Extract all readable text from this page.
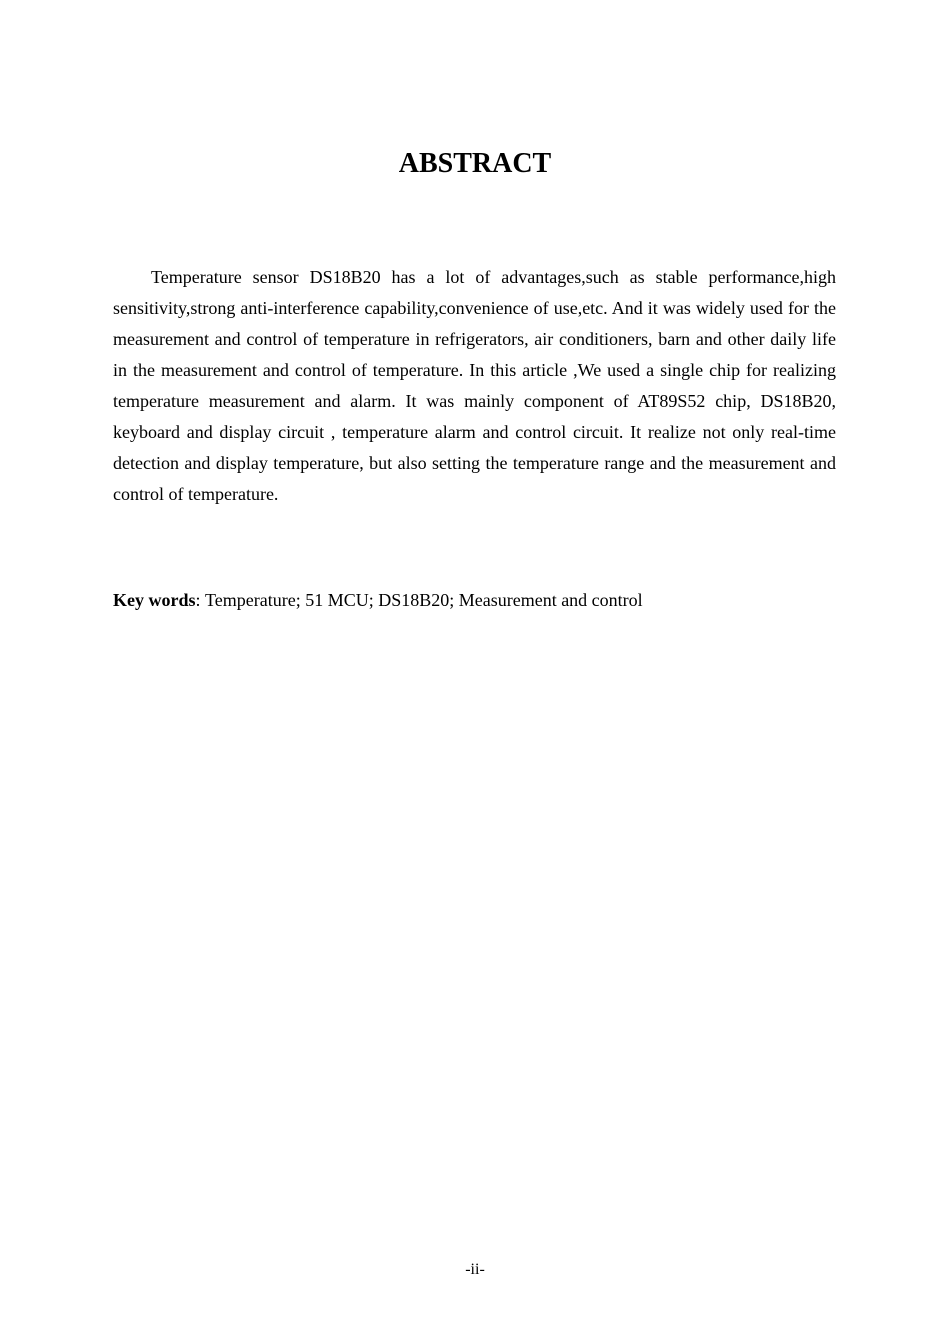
ABSTRACT

Temperature sensor DS18B20 has a lot of advantages,such as stable performance,high sensitivity,strong anti-interference capability,convenience of use,etc. And it was widely used for the measurement and control of temperature in refrigerators, air conditioners, barn and other daily life in the measurement and control of temperature. In this article ,We used a single chip for realizing temperature measurement and alarm. It was mainly component of AT89S52 chip, DS18B20, keyboard and display circuit , temperature alarm and control circuit. It realize not only real-time detection and display temperature, but also setting the temperature range and the measurement and control of temperature.

Key words: Temperature; 51 MCU; DS18B20; Measurement and control

-ii-
